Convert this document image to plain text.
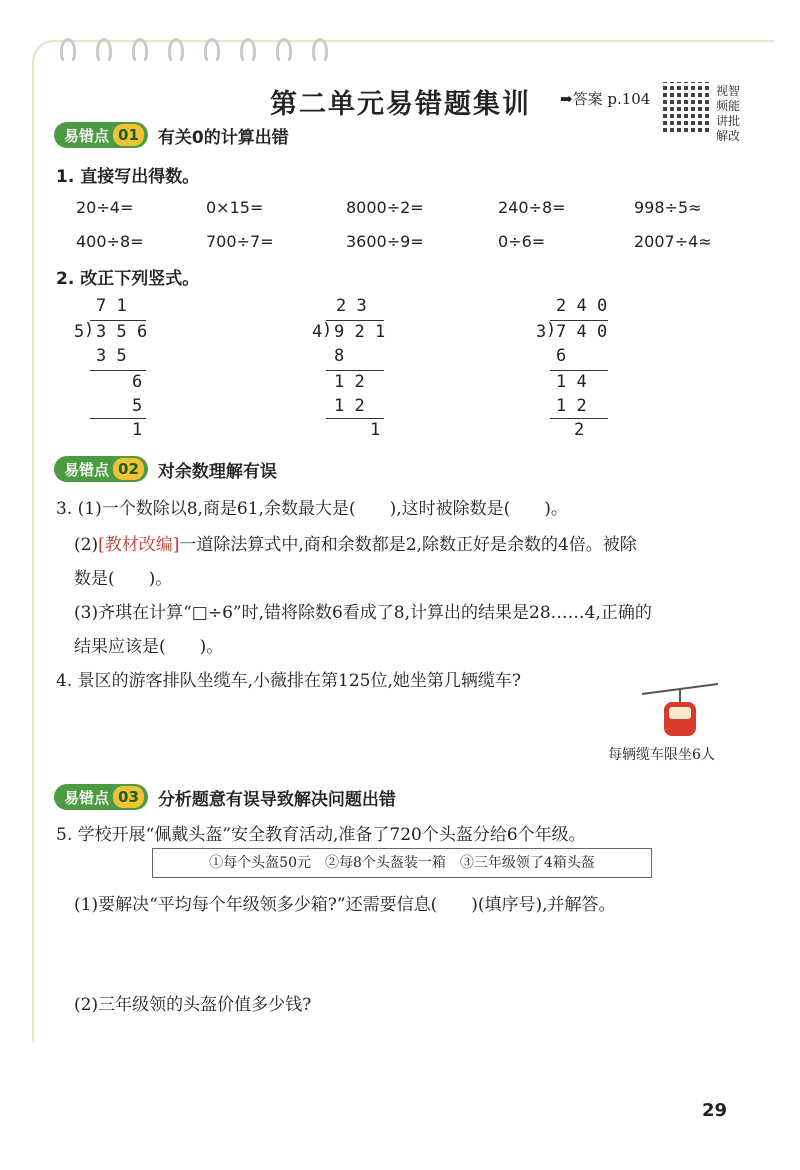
第二单元易错题集训 ➡答案 p.104	视智
频能
讲批
解改
易错点 01 有关0的计算出错
1. 直接写出得数。
20÷4=	0×15=	8000÷2=	240÷8=	998÷5≈
400÷8=	700÷7=	3600÷9=	0÷6=	2007÷4≈
2. 改正下列竖式。
7 1
5 ) 3 5 6
3 5
6
5
1
2 3
4 ) 9 2 1
8
1 2
1 2
1
2 4 0
3 ) 7 4 0
6
1 4
1 2
2
易错点 02 对余数理解有误
3. (1)一个数除以8,商是61,余数最大是(　　),这时被除数是(　　)。
(2)[教材改编]一道除法算式中,商和余数都是2,除数正好是余数的4倍。被除
数是(　　)。
(3)齐琪在计算“□÷6”时,错将除数6看成了8,计算出的结果是28……4,正确的
结果应该是(　　)。
4. 景区的游客排队坐缆车,小薇排在第125位,她坐第几辆缆车?
每辆缆车限坐6人
易错点 03 分析题意有误导致解决问题出错
5. 学校开展“佩戴头盔”安全教育活动,准备了720个头盔分给6个年级。
①每个头盔50元　②每8个头盔装一箱　③三年级领了4箱头盔
(1)要解决“平均每个年级领多少箱?”还需要信息(　　)(填序号),并解答。
(2)三年级领的头盔价值多少钱?
29
